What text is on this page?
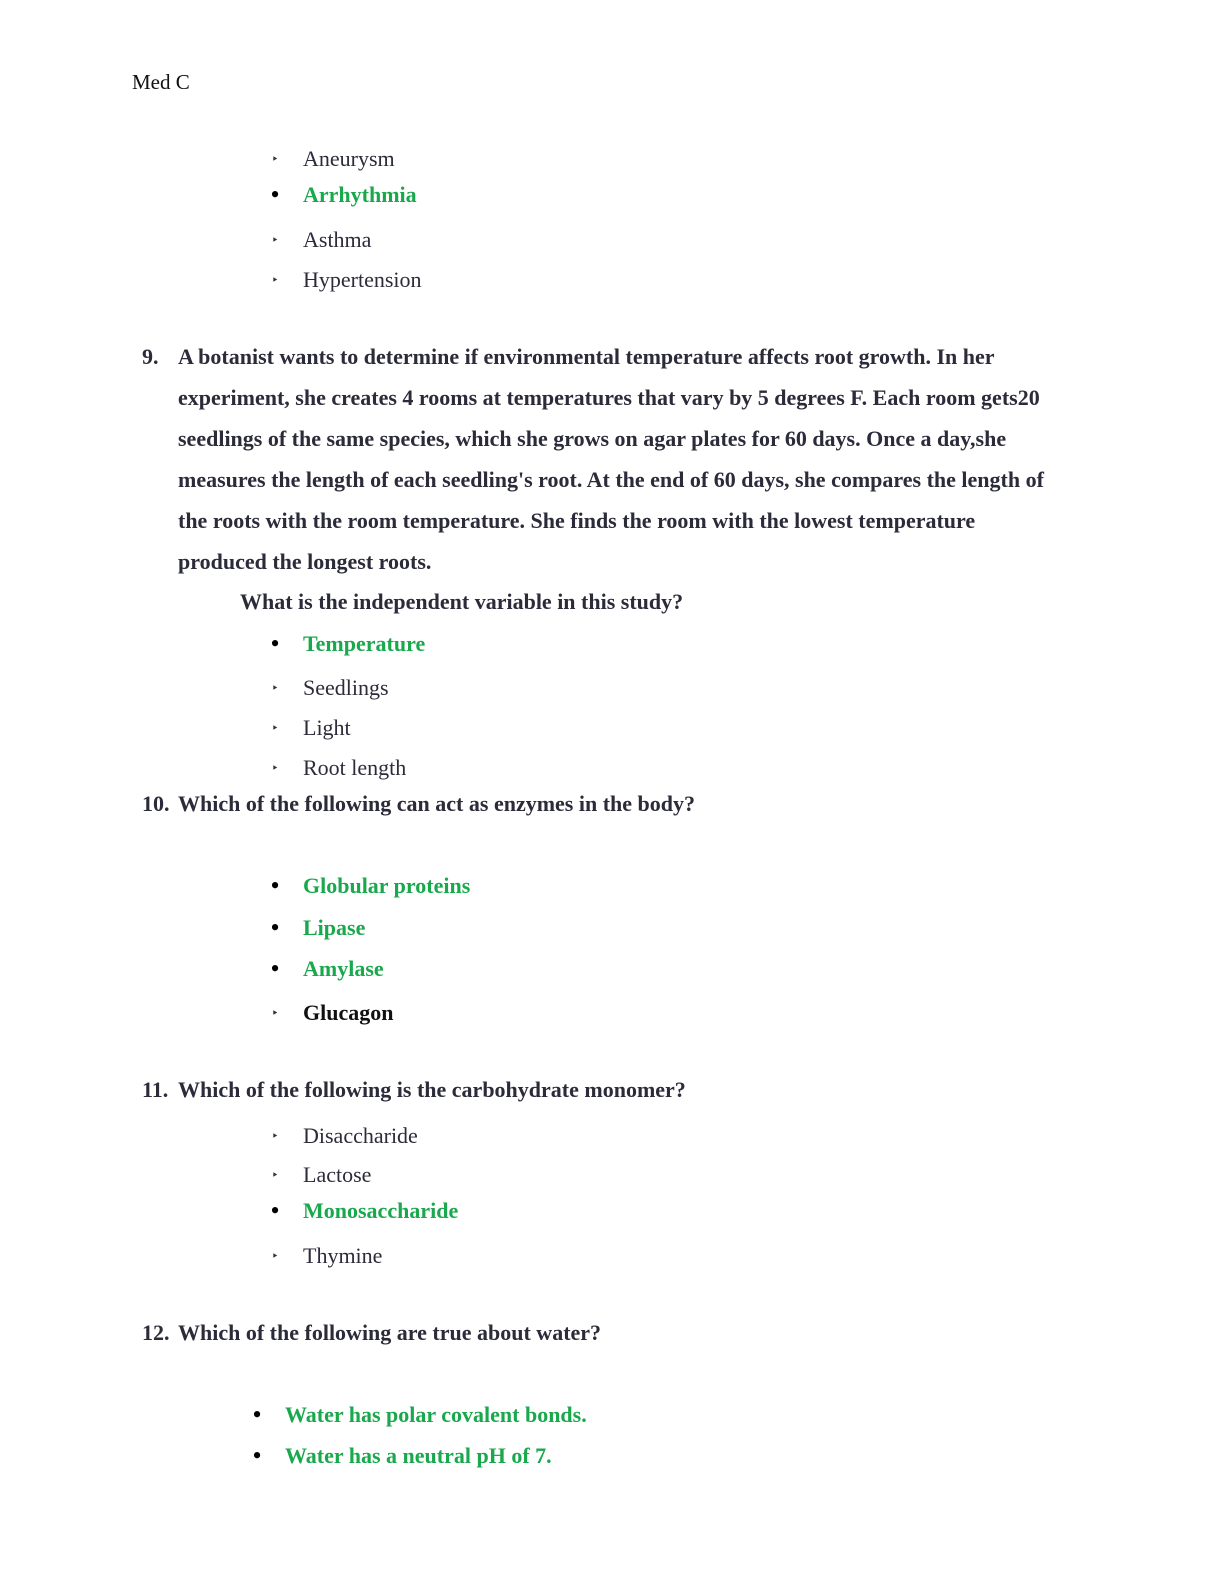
Med C
‣ Aneurysm
• Arrhythmia
‣ Asthma
‣ Hypertension
9. A botanist wants to determine if environmental temperature affects root growth. In her experiment, she creates 4 rooms at temperatures that vary by 5 degrees F. Each room gets20 seedlings of the same species, which she grows on agar plates for 60 days. Once a day,she measures the length of each seedling's root. At the end of 60 days, she compares the length of the roots with the room temperature. She finds the room with the lowest temperature produced the longest roots.
What is the independent variable in this study?
• Temperature
‣ Seedlings
‣ Light
‣ Root length
10. Which of the following can act as enzymes in the body?
• Globular proteins
• Lipase
• Amylase
‣ Glucagon
11. Which of the following is the carbohydrate monomer?
‣ Disaccharide
‣ Lactose
• Monosaccharide
‣ Thymine
12. Which of the following are true about water?
• Water has polar covalent bonds.
• Water has a neutral pH of 7.
